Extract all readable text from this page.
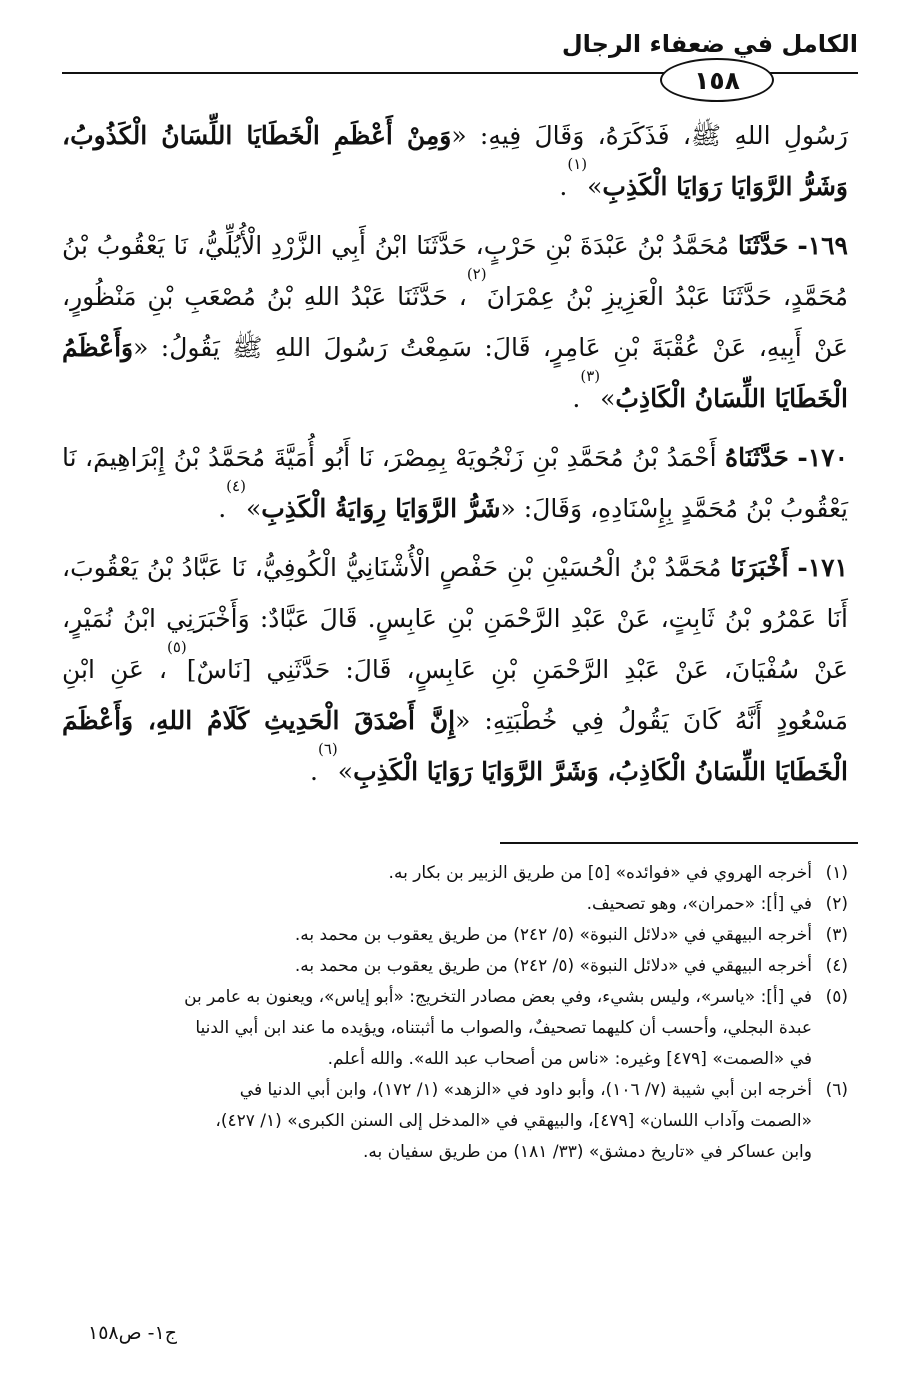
الكامل في ضعفاء الرجال
١٥٨

رَسُولِ اللهِ ﷺ، فَذَكَرَهُ، وَقَالَ فِيهِ: «وَمِنْ أَعْظَمِ الْخَطَايَا اللِّسَانُ الْكَذُوبُ، وَشَرُّ الرَّوَايَا رَوَايَا الْكَذِبِ»$^{(١)}$.

١٦٩- حَدَّثَنَا مُحَمَّدُ بْنُ عَبْدَةَ بْنِ حَرْبٍ، حَدَّثَنَا ابْنُ أَبِي الزَّرْدِ الْأُيُلِّيُّ، نَا يَعْقُوبُ بْنُ مُحَمَّدٍ، حَدَّثَنَا عَبْدُ الْعَزِيزِ بْنُ عِمْرَانَ$^{(٢)}$، حَدَّثَنَا عَبْدُ اللهِ بْنُ مُصْعَبِ بْنِ مَنْظُورٍ، عَنْ أَبِيهِ، عَنْ عُقْبَةَ بْنِ عَامِرٍ، قَالَ: سَمِعْتُ رَسُولَ اللهِ ﷺ يَقُولُ: «وَأَعْظَمُ الْخَطَايَا اللِّسَانُ الْكَاذِبُ»$^{(٣)}$.

١٧٠- حَدَّثَنَاهُ أَحْمَدُ بْنُ مُحَمَّدِ بْنِ زَنْجُويَهْ بِمِصْرَ، نَا أَبُو أُمَيَّةَ مُحَمَّدُ بْنُ إِبْرَاهِيمَ، نَا يَعْقُوبُ بْنُ مُحَمَّدٍ بِإِسْنَادِهِ، وَقَالَ: «شَرُّ الرَّوَايَا رِوَايَةُ الْكَذِبِ»$^{(٤)}$.

١٧١- أَخْبَرَنَا مُحَمَّدُ بْنُ الْحُسَيْنِ بْنِ حَفْصٍ الْأُشْنَانِيُّ الْكُوفِيُّ، نَا عَبَّادُ بْنُ يَعْقُوبَ، أَنَا عَمْرُو بْنُ ثَابِتٍ، عَنْ عَبْدِ الرَّحْمَنِ بْنِ عَابِسٍ. قَالَ عَبَّادٌ: وَأَخْبَرَنِي ابْنُ نُمَيْرٍ، عَنْ سُفْيَانَ، عَنْ عَبْدِ الرَّحْمَنِ بْنِ عَابِسٍ، قَالَ: حَدَّثَنِي [نَاسٌ]$^{(٥)}$، عَنِ ابْنِ مَسْعُودٍ أَنَّهُ كَانَ يَقُولُ فِي خُطْبَتِهِ: «إِنَّ أَصْدَقَ الْحَدِيثِ كَلَامُ اللهِ، وَأَعْظَمَ الْخَطَايَا اللِّسَانُ الْكَاذِبُ، وَشَرَّ الرَّوَايَا رَوَايَا الْكَذِبِ»$^{(٦)}$.

(١)
أخرجه الهروي في «فوائده» [٥] من طريق الزبير بن بكار به.
(٢)
في [أ]: «حمران»، وهو تصحيف.
(٣)
أخرجه البيهقي في «دلائل النبوة» (٥/ ٢٤٢) من طريق يعقوب بن محمد به.
(٤)
أخرجه البيهقي في «دلائل النبوة» (٥/ ٢٤٢) من طريق يعقوب بن محمد به.
(٥)
في [أ]: «ياسر»، وليس بشيء، وفي بعض مصادر التخريج: «أبو إياس»، ويعنون به عامر بن
عبدة البجلي، وأحسب أن كليهما تصحيفٌ، والصواب ما أثبتناه، ويؤيده ما عند ابن أبي الدنيا
في «الصمت» [٤٧٩] وغيره: «ناس من أصحاب عبد الله». والله أعلم.
(٦)
أخرجه ابن أبي شيبة (٧/ ١٠٦)، وأبو داود في «الزهد» (١/ ١٧٢)، وابن أبي الدنيا في
«الصمت وآداب اللسان» [٤٧٩]، والبيهقي في «المدخل إلى السنن الكبرى» (١/ ٤٢٧)،
وابن عساكر في «تاريخ دمشق» (٣٣/ ١٨١) من طريق سفيان به.
ج١- ص١٥٨
